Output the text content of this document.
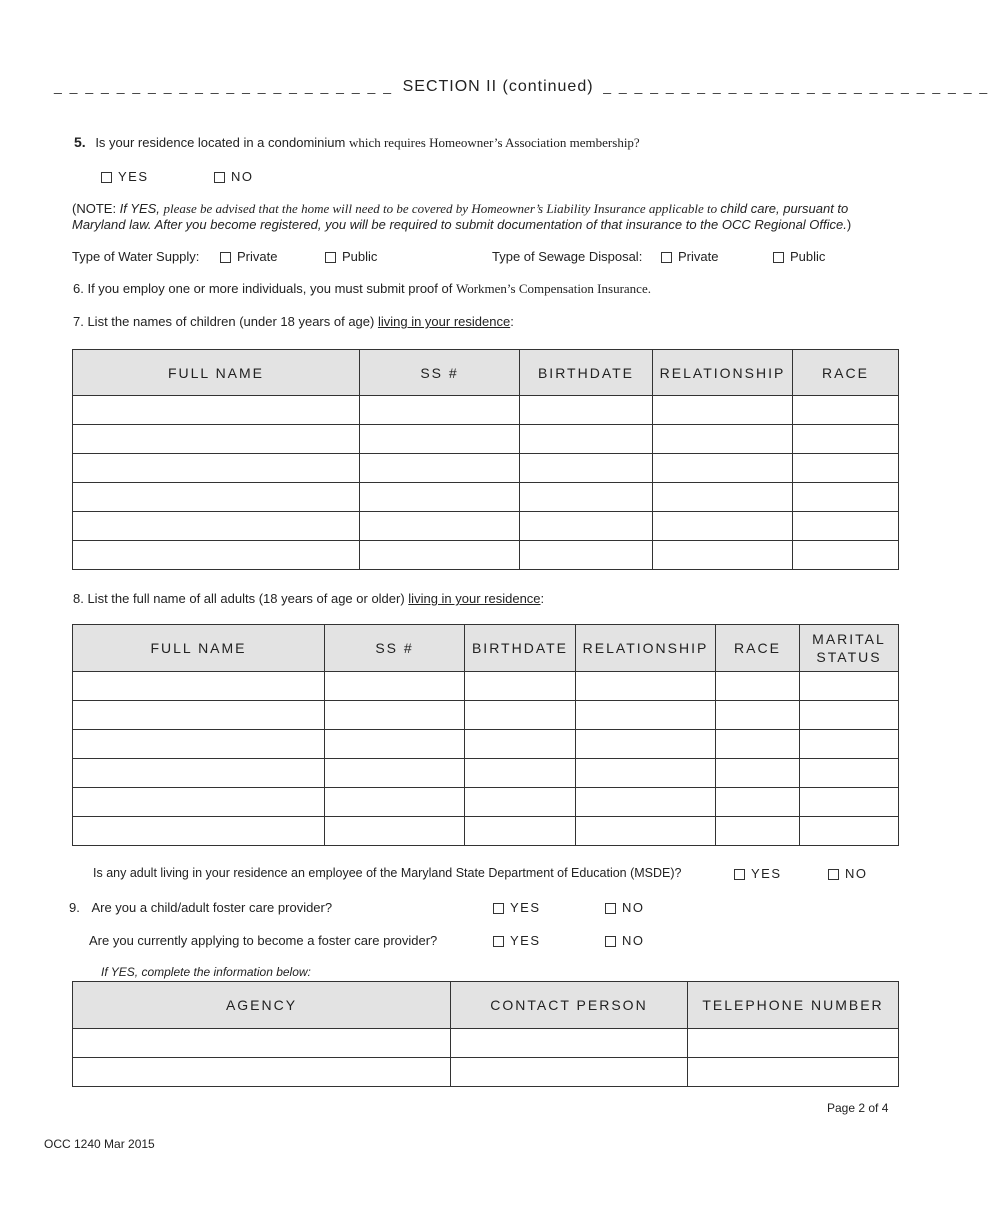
_ _ _ _ _ _ _ _ _ _ _ _ _ _ _ _ _ _ _ _ _ _ SECTION II (continued) _ _ _ _ _ _ _ _ _ _ _ _ _ _ _ _ _ _ _ _ _ _ _ _ _
5. Is your residence located in a condominium which requires Homeowner’s Association membership?
YES	NO
(NOTE: If YES, please be advised that the home will need to be covered by Homeowner’s Liability Insurance applicable to child care, pursuant to
Maryland law. After you become registered, you will be required to submit documentation of that insurance to the OCC Regional Office.)
Type of Water Supply:	Private	Public	Type of Sewage Disposal:	Private	Public
6. If you employ one or more individuals, you must submit proof of Workmen’s Compensation Insurance.
7. List the names of children (under 18 years of age) living in your residence:
FULL NAME	SS #	BIRTHDATE	RELATIONSHIP	RACE

8. List the full name of all adults (18 years of age or older) living in your residence:
FULL NAME	SS #	BIRTHDATE	RELATIONSHIP	RACE	MARITAL STATUS

Is any adult living in your residence an employee of the Maryland State Department of Education (MSDE)?	YES	NO
9. Are you a child/adult foster care provider?	YES	NO
Are you currently applying to become a foster care provider?	YES	NO
If YES, complete the information below:
AGENCY	CONTACT PERSON	TELEPHONE NUMBER

Page 2 of 4
OCC 1240 Mar 2015
